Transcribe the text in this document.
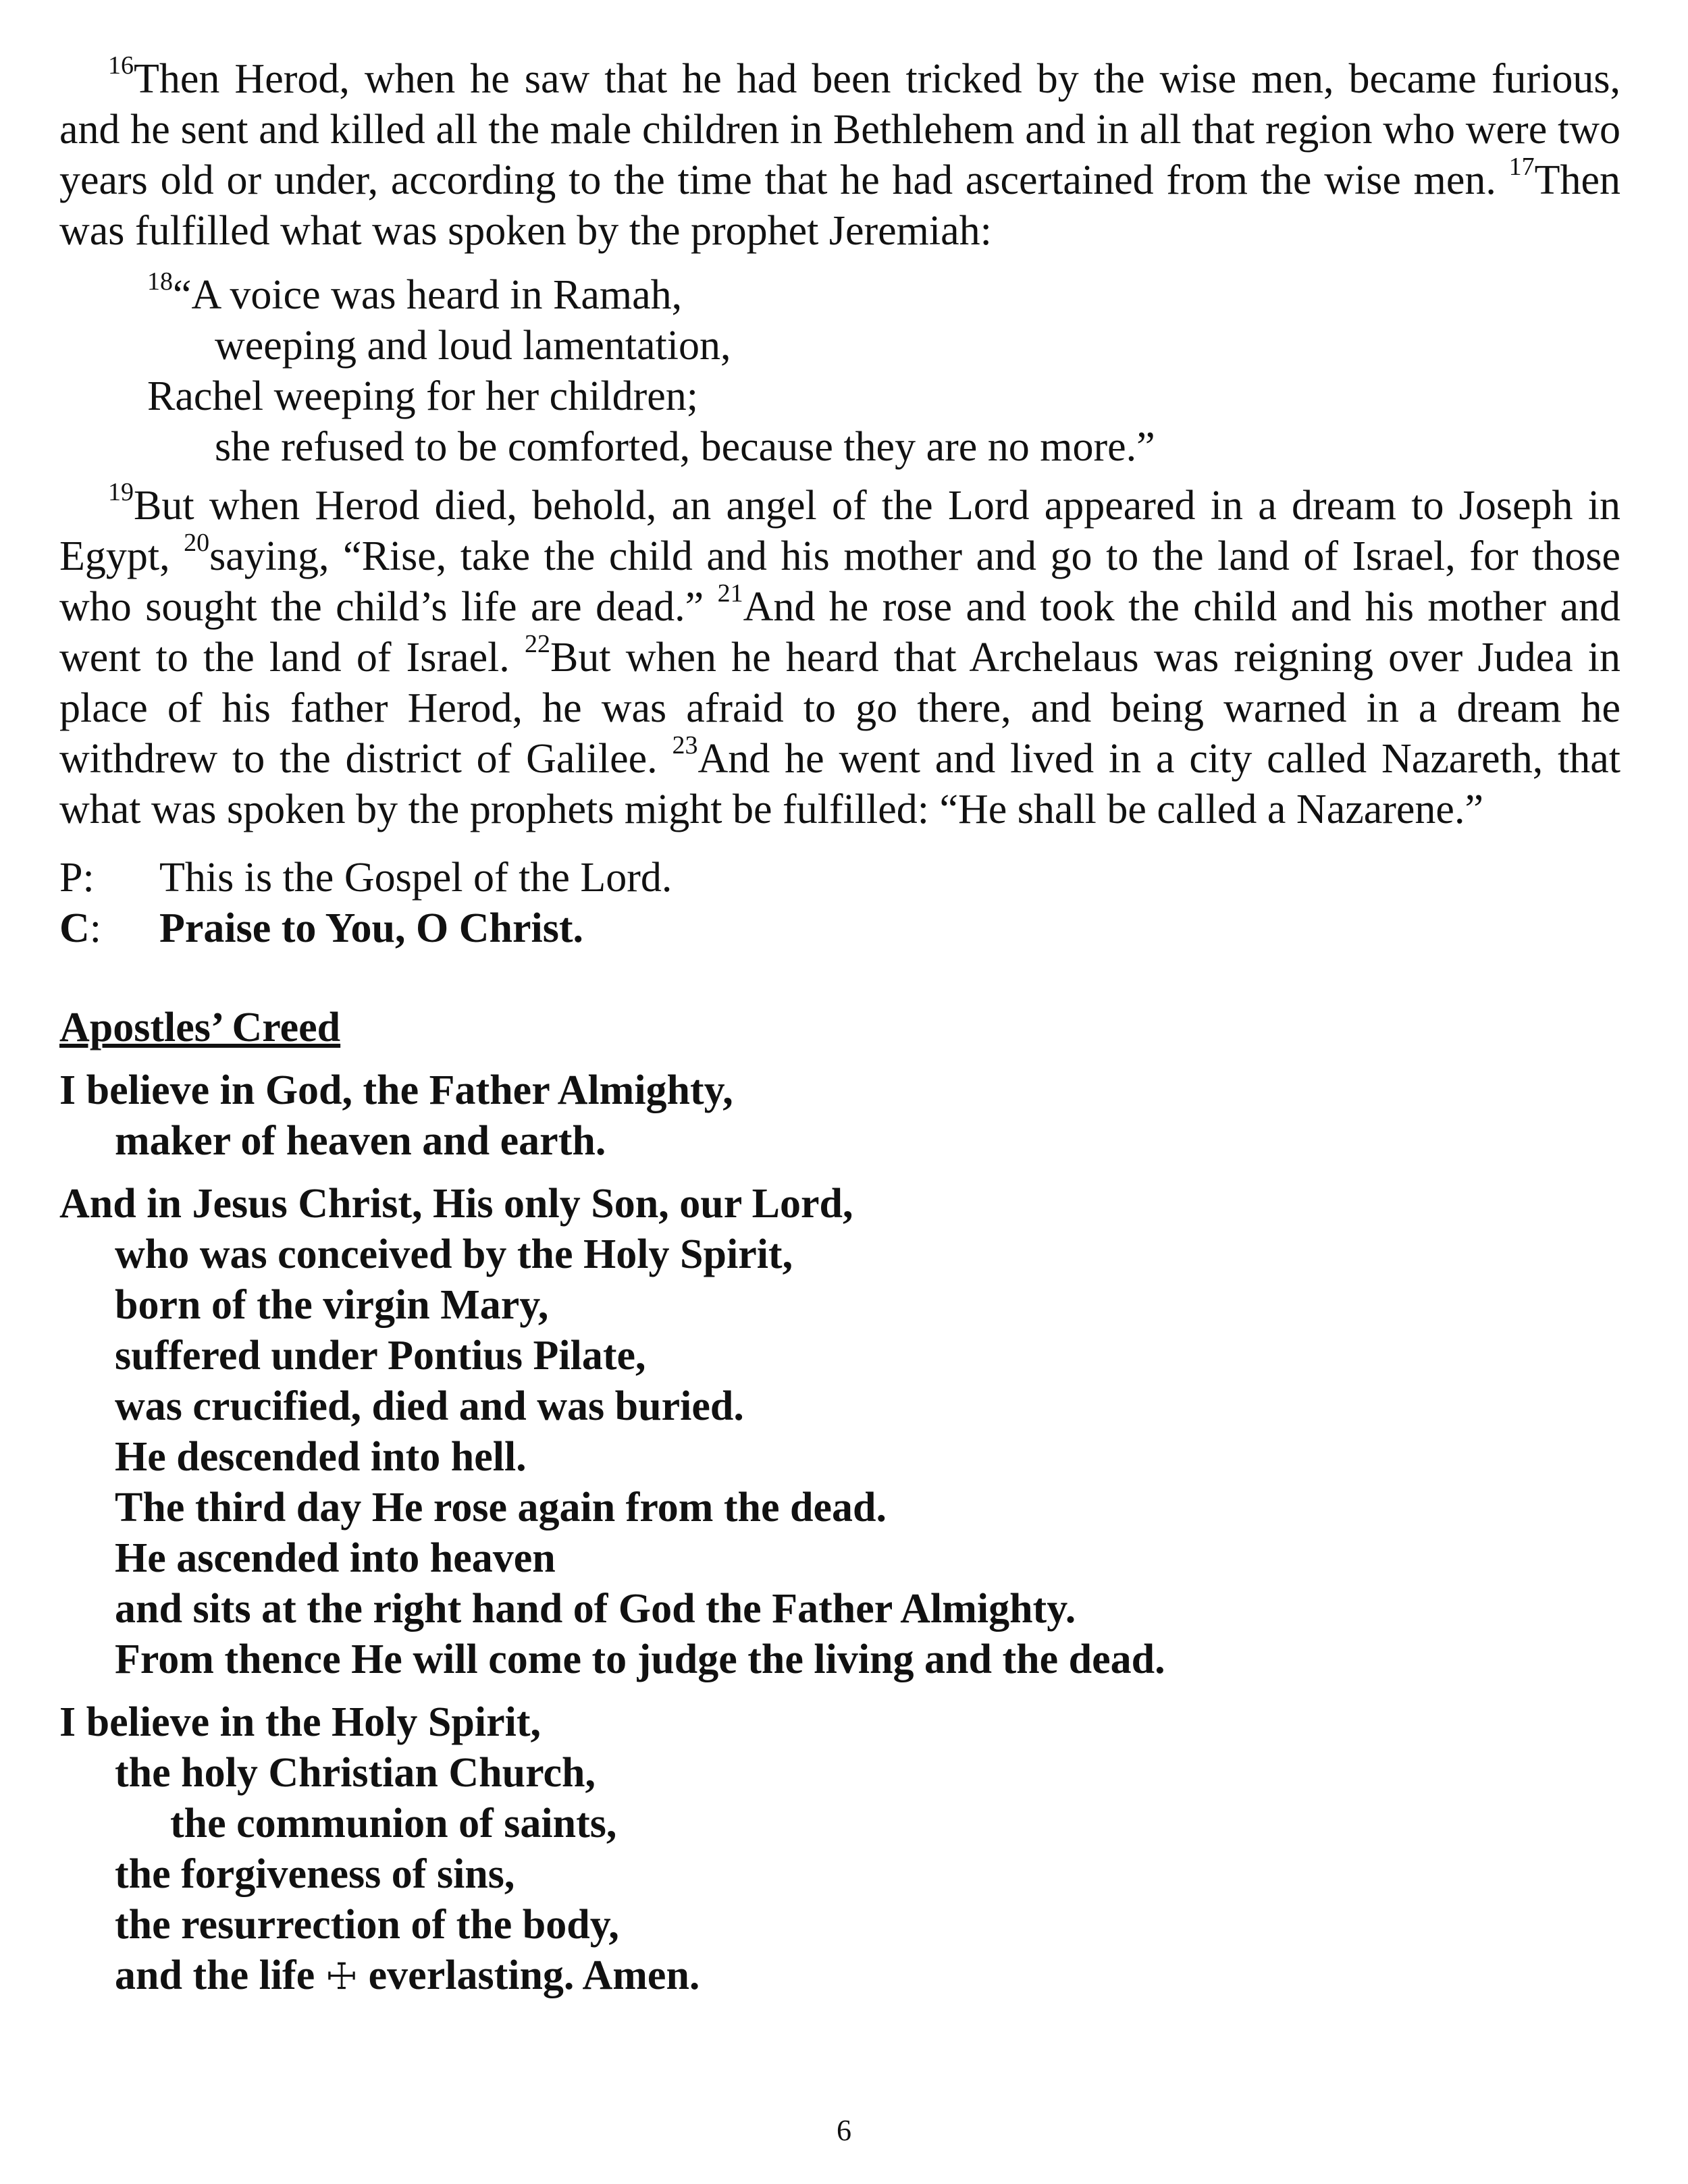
$^{16}$Then Herod, when he saw that he had been tricked by the wise men, became furious, and he sent and killed all the male children in Bethlehem and in all that region who were two years old or under, according to the time that he had ascertained from the wise men. $^{17}$Then was fulfilled what was spoken by the prophet Jeremiah:

$^{18}$“A voice was heard in Ramah,
weeping and loud lamentation,
Rachel weeping for her children;
she refused to be comforted, because they are no more.”

$^{19}$But when Herod died, behold, an angel of the Lord appeared in a dream to Joseph in Egypt, $^{20}$saying, “Rise, take the child and his mother and go to the land of Israel, for those who sought the child’s life are dead.” $^{21}$And he rose and took the child and his mother and went to the land of Israel. $^{22}$But when he heard that Archelaus was reigning over Judea in place of his father Herod, he was afraid to go there, and being warned in a dream he withdrew to the district of Galilee. $^{23}$And he went and lived in a city called Nazareth, that what was spoken by the prophets might be fulfilled: “He shall be called a Nazarene.”

P:	This is the Gospel of the Lord.
C:	Praise to You, O Christ.
Apostles’ Creed
I believe in God, the Father Almighty,
maker of heaven and earth.
And in Jesus Christ, His only Son, our Lord,
who was conceived by the Holy Spirit,
born of the virgin Mary,
suffered under Pontius Pilate,
was crucified, died and was buried.
He descended into hell.
The third day He rose again from the dead.
He ascended into heaven
and sits at the right hand of God the Father Almighty.
From thence He will come to judge the living and the dead.
I believe in the Holy Spirit,
the holy Christian Church,
the communion of saints,
the forgiveness of sins,
the resurrection of the body,
and the life ☩ everlasting. Amen.
6
